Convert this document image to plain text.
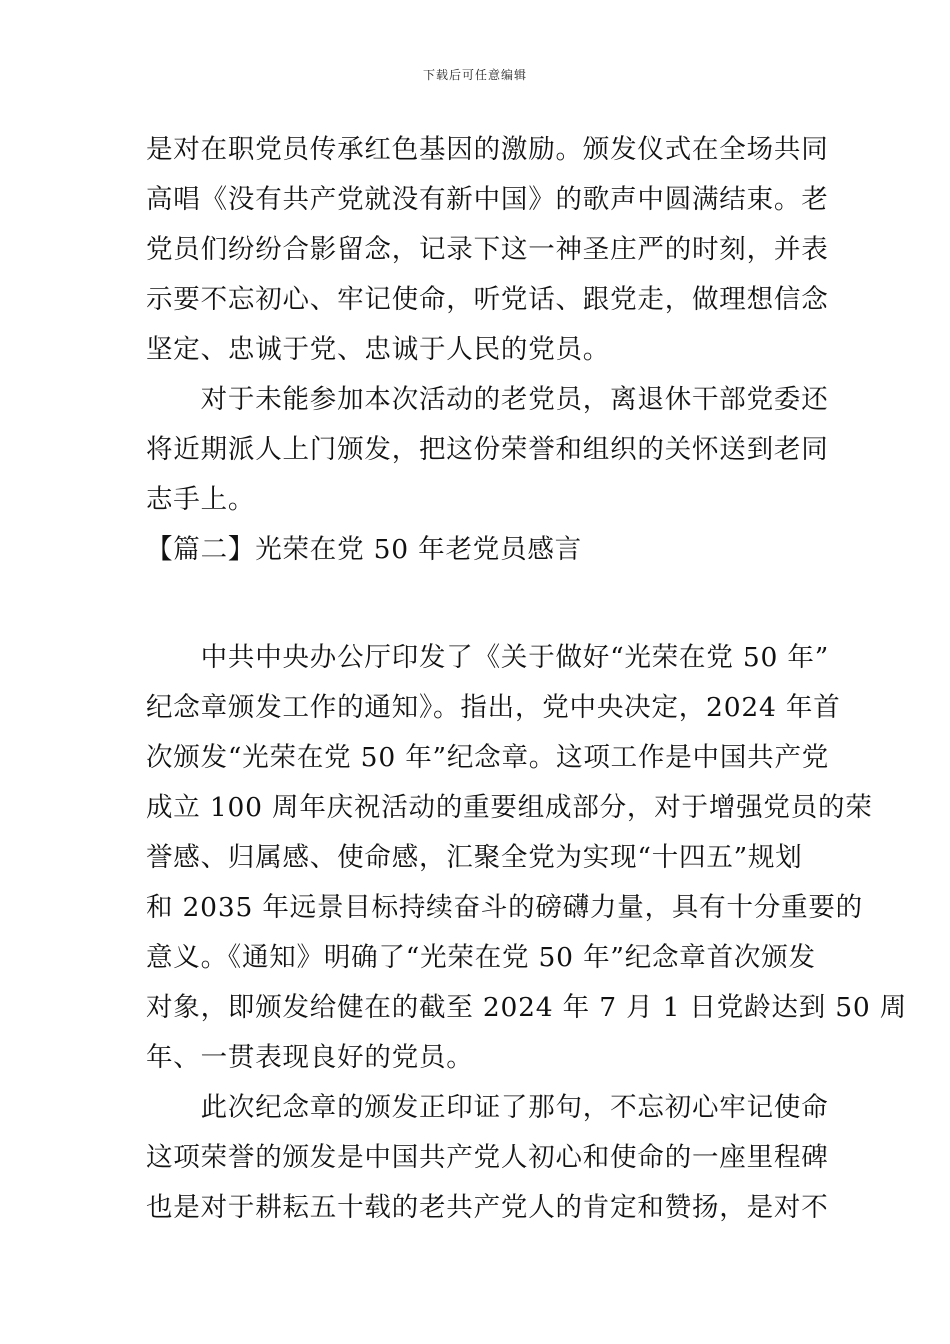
下载后可任意编辑
是对在职党员传承红色基因的激励。颁发仪式在全场共同
高唱《没有共产党就没有新中国》的歌声中圆满结束。老
党员们纷纷合影留念，记录下这一神圣庄严的时刻，并表
示要不忘初心、牢记使命，听党话、跟党走，做理想信念
坚定、忠诚于党、忠诚于人民的党员。
　　对于未能参加本次活动的老党员，离退休干部党委还
将近期派人上门颁发，把这份荣誉和组织的关怀送到老同
志手上。
【篇二】光荣在党 50 年老党员感言
　　中共中央办公厅印发了《关于做好“光荣在党 50 年”
纪念章颁发工作的通知》。指出，党中央决定，2024 年首
次颁发“光荣在党 50 年”纪念章。这项工作是中国共产党
成立 100 周年庆祝活动的重要组成部分，对于增强党员的荣
誉感、归属感、使命感，汇聚全党为实现“十四五”规划
和 2035 年远景目标持续奋斗的磅礴力量，具有十分重要的
意义。《通知》明确了“光荣在党 50 年”纪念章首次颁发
对象，即颁发给健在的截至 2024 年 7 月 1 日党龄达到 50 周
年、一贯表现良好的党员。
　　此次纪念章的颁发正印证了那句，不忘初心牢记使命
这项荣誉的颁发是中国共产党人初心和使命的一座里程碑
也是对于耕耘五十载的老共产党人的肯定和赞扬，是对不
